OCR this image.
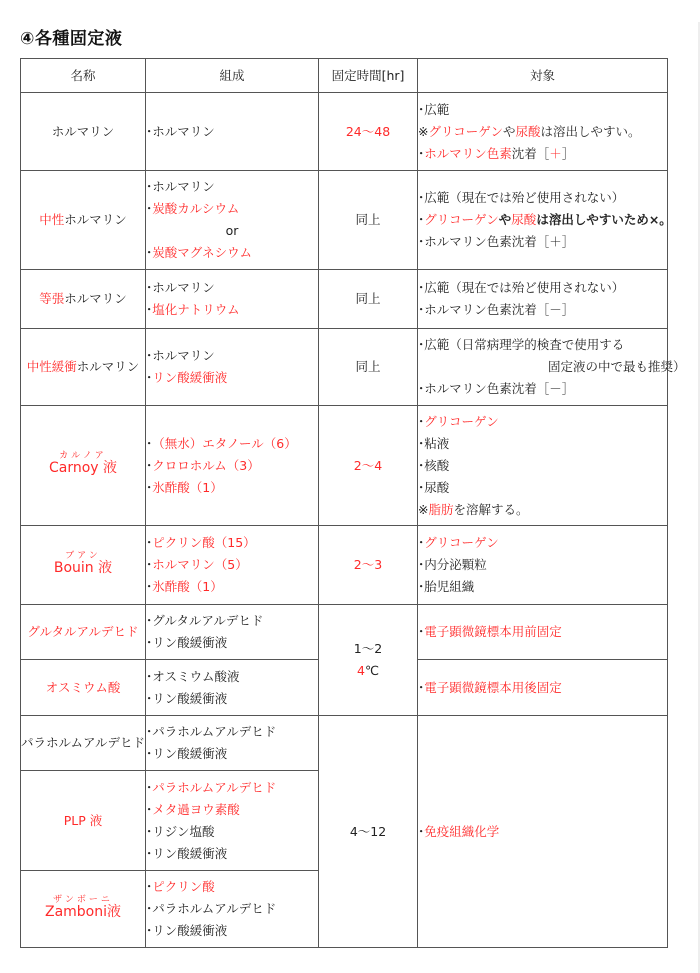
④各種固定液
名称	組成	固定時間[hr]	対象
ホルマリン	･ホルマリン	24〜48	･広範
※グリコーゲンや尿酸は溶出しやすい。
･ホルマリン色素沈着［＋］

中性ホルマリン	･ホルマリン
･炭酸カルシウム
or
･炭酸マグネシウム	同上	･広範（現在では殆ど使用されない）
･グリコーゲンや尿酸は溶出しやすいため×。
･ホルマリン色素沈着［＋］

等張ホルマリン	･ホルマリン
･塩化ナトリウム	同上	･広範（現在では殆ど使用されない）
･ホルマリン色素沈着［－］

中性緩衝ホルマリン	･ホルマリン
･リン酸緩衝液	同上	･広範（日常病理学的検査で使用する
固定液の中で最も推奨）
･ホルマリン色素沈着［－］

カルノア
Carnoy 液	･（無水）エタノール（6）
･クロロホルム（3）
･氷酢酸（1）	2〜4	･グリコーゲン
･粘液
･核酸
･尿酸
※脂肪を溶解する。

ブアン
Bouin 液	･ピクリン酸（15）
･ホルマリン（5）
･氷酢酸（1）	2〜3	･グリコーゲン
･内分泌顆粒
･胎児組織

グルタルアルデヒド	･グルタルアルデヒド
･リン酸緩衝液	1〜2
4℃	･電子顕微鏡標本用前固定

オスミウム酸	･オスミウム酸液
･リン酸緩衝液		･電子顕微鏡標本用後固定

パラホルムアルデヒド	･パラホルムアルデヒド
･リン酸緩衝液	4〜12	･免疫組織化学

PLP 液	･パラホルムアルデヒド
･メタ過ヨウ素酸
･リジン塩酸
･リン酸緩衝液		

ザンボーニ
Zamboni液	･ピクリン酸
･パラホルムアルデヒド
･リン酸緩衝液		
